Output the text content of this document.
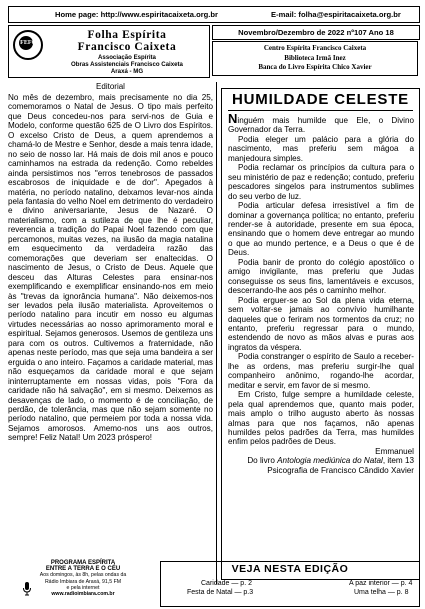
Home page: http://www.espiritacaixeta.org.br	E-mail: folha@espiritacaixeta.org.br
FEFC
Folha Espírita
Francisco Caixeta
Associação Espírita
Obras Assistenciais Francisco Caixeta
Araxá - MG
Novembro/Dezembro de 2022 nº107 Ano 18
Centro Espírita Francisco Caixeta
Biblioteca Irmã Inez
Banca do Livro Espírita Chico Xavier
Editorial

No mês de dezembro, mais precisamente no dia 25, comemoramos o Natal de Jesus. O tipo mais perfeito que Deus concedeu-nos para servi-nos de Guia e Modelo, conforme questão 625 de O Livro dos Espíritos. O excelso Cristo de Deus, a quem aprendemos a chamá-lo de Mestre e Senhor, desde a mais tenra idade, no seio de nosso lar. Há mais de dois mil anos e pouco caminhamos na estrada da redenção. Como rebeldes ainda persistimos nos "erros tenebrosos de passados escabrosos de iniquidade e de dor". Apegados à matéria, no período natalino, deixamos levar-nos ainda pela fantasia do velho Noel em detrimento do verdadeiro e divino aniversariante, Jesus de Nazaré. O materialismo, com a sutileza de que lhe é peculiar, reverencia a tradição do Papai Noel fazendo com que percamonos, muitas vezes, na ilusão da magia natalina em esquecimento da verdadeira razão das comemorações que deveriam ser enaltecidas. O nascimento de Jesus, o Cristo de Deus. Aquele que desceu das Alturas Celestes para ensinar-nos exemplificando e exemplificar ensinando-nos em meio às "trevas da ignorância humana". Não deixemos-nos ser levados pela ilusão materialista. Aproveitemos o período natalino para incutir em nosso eu algumas virtudes necessárias ao nosso aprimoramento moral e espiritual. Sejamos generosos. Usemos de gentileza uns para com os outros. Cultivemos a fraternidade, não apenas neste período, mas que seja uma bandeira a ser erguida o ano inteiro. Façamos a caridade material, mas não esqueçamos da caridade moral e que sejam ininterruptamente em nossas vidas, pois "Fora da caridade não há salvação", em si mesmo. Deixemos as desavenças de lado, o momento é de conciliação, de perdão, de tolerância, mas que não sejam somente no período natalino, que permeiem por toda a nossa vida. Sejamos amorosos. Amemo-nos uns aos outros, sempre! Feliz Natal! Um 2023 próspero!

HUMILDADE CELESTE

Ninguém mais humilde que Ele, o Divino Governador da Terra.

Podia eleger um palácio para a glória do nascimento, mas preferiu sem mágoa a manjedoura simples.

Podia reclamar os princípios da cultura para o seu ministério de paz e redenção; contudo, preferiu pescadores singelos para instrumentos sublimes do seu verbo de luz.

Podia articular defesa irresistível a fim de dominar a governança política; no entanto, preferiu render-se à autoridade, presente em sua época, ensinando que o homem deve entregar ao mundo o que ao mundo pertence, e a Deus o que é de Deus.

Podia banir de pronto do colégio apostólico o amigo invigilante, mas preferiu que Judas conseguisse os seus fins, lamentáveis e excusos, descerrando-lhe aos pés o caminho melhor.

Podia erguer-se ao Sol da plena vida eterna, sem voltar-se jamais ao convívio humilhante daqueles que o feriram nos tormentos da cruz; no entanto, preferiu regressar para o mundo, estendendo de novo as mãos alvas e puras aos ingratos da véspera.

Podia constranger o espírito de Saulo a receber-lhe as ordens, mas preferiu surgir-lhe qual companheiro anônimo, rogando-lhe acordar, meditar e servir, em favor de si mesmo.

Em Cristo, fulge sempre a humildade celeste, pela qual aprendemos que, quanto mais poder, mais amplo o trilho augusto aberto às nossas almas para que nos façamos, não apenas humildes pelos padrões da Terra, mas humildes enfim pelos padrões de Deus.

Emmanuel

Do livro Antologia mediúnica do Natal, item 13

Psicografia de Francisco Cândido Xavier

PROGRAMA ESPÍRITA
ENTRE A TERRA E O CÉU
Aos domingos, às 8h, pelas ondas da
Rádio Imbiara de Araxá, 91,5 FM
e pela internet
www.radioimbiara.com.br
VEJA NESTA EDIÇÃO
Caridade — p. 2
Festa de Natal — p.3
A paz interior — p. 4
Uma telha — p. 8
